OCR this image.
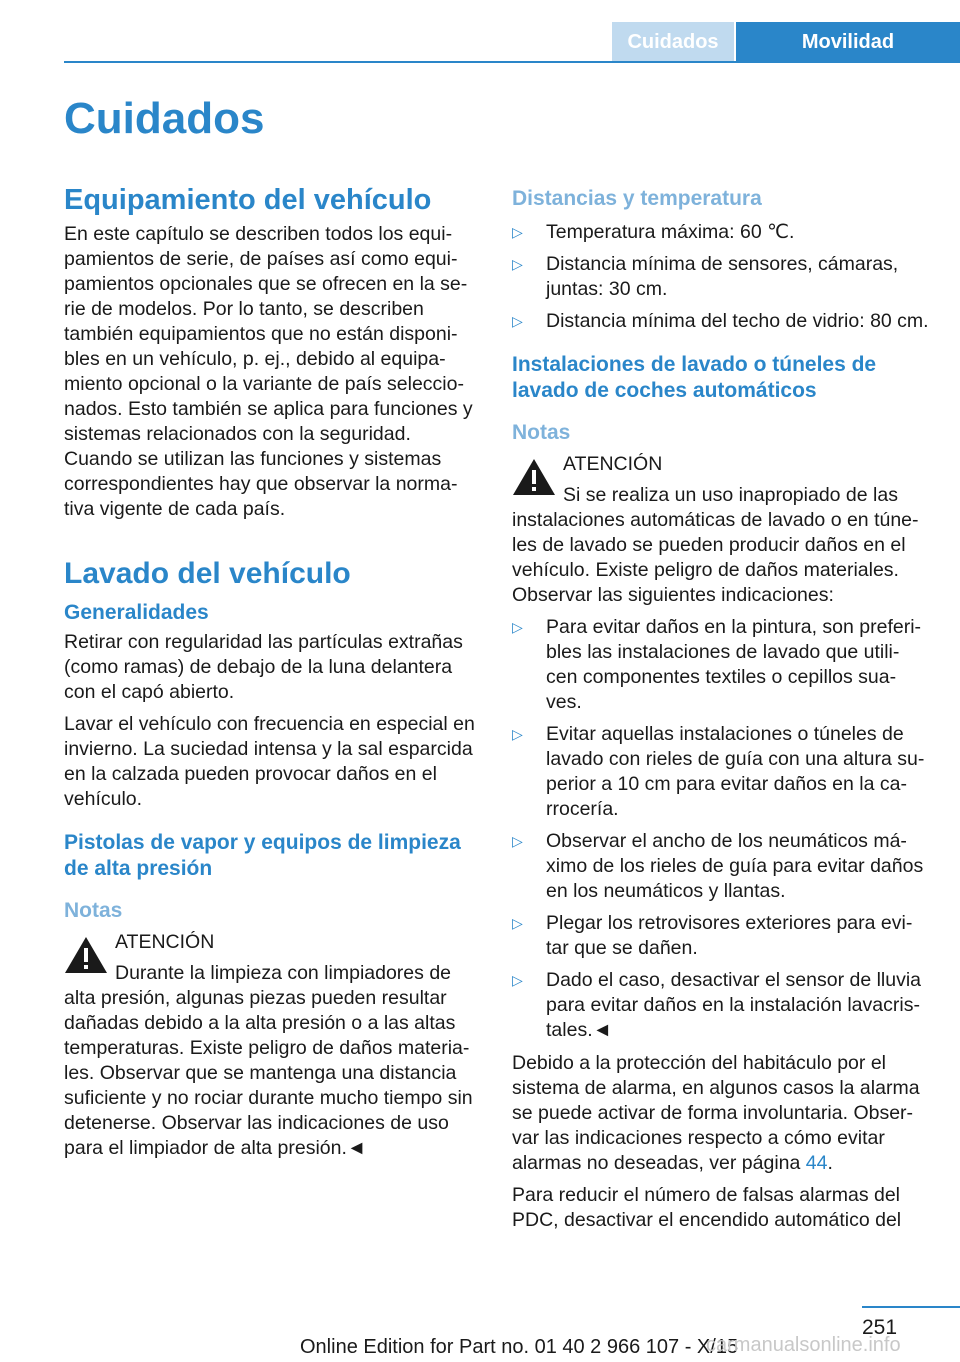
Cuidados	Movilidad
Cuidados
Equipamiento del vehículo

En este capítulo se describen todos los equi-pamientos de serie, de países así como equi-pamientos opcionales que se ofrecen en la se-rie de modelos. Por lo tanto, se describen también equipamientos que no están disponi-bles en un vehículo, p. ej., debido al equipa-miento opcional o la variante de país seleccio-nados. Esto también se aplica para funciones y sistemas relacionados con la seguridad. Cuando se utilizan las funciones y sistemas correspondientes hay que observar la norma-tiva vigente de cada país.

Lavado del vehículo
Generalidades

Retirar con regularidad las partículas extrañas (como ramas) de debajo de la luna delantera con el capó abierto.

Lavar el vehículo con frecuencia en especial en invierno. La suciedad intensa y la sal esparcida en la calzada pueden provocar daños en el vehículo.

Pistolas de vapor y equipos de limpieza de alta presión
Notas
ATENCIÓN
Durante la limpieza con limpiadores de

alta presión, algunas piezas pueden resultar dañadas debido a la alta presión o a las altas temperaturas. Existe peligro de daños materia-les. Observar que se mantenga una distancia suficiente y no rociar durante mucho tiempo sin detenerse. Observar las indicaciones de uso para el limpiador de alta presión.◄

Distancias y temperatura
▷ Temperatura máxima: 60 ℃.
▷ Distancia mínima de sensores, cámaras, juntas: 30 cm.
▷ Distancia mínima del techo de vidrio: 80 cm.
Instalaciones de lavado o túneles de lavado de coches automáticos
Notas
ATENCIÓN
Si se realiza un uso inapropiado de las

instalaciones automáticas de lavado o en túne-les de lavado se pueden producir daños en el vehículo. Existe peligro de daños materiales. Observar las siguientes indicaciones:

▷ Para evitar daños en la pintura, son preferi-bles las instalaciones de lavado que utili-cen componentes textiles o cepillos sua-ves.
▷ Evitar aquellas instalaciones o túneles de lavado con rieles de guía con una altura su-perior a 10 cm para evitar daños en la ca-rrocería.
▷ Observar el ancho de los neumáticos má-ximo de los rieles de guía para evitar daños en los neumáticos y llantas.
▷ Plegar los retrovisores exteriores para evi-tar que se dañen.
▷ Dado el caso, desactivar el sensor de lluvia para evitar daños en la instalación lavacris-tales.◄

Debido a la protección del habitáculo por el sistema de alarma, en algunos casos la alarma se puede activar de forma involuntaria. Obser-var las indicaciones respecto a cómo evitar alarmas no deseadas, ver página 44.

Para reducir el número de falsas alarmas del PDC, desactivar el encendido automático del

251
Online Edition for Part no. 01 40 2 966 107 - X/15
carmanualsonline.info
